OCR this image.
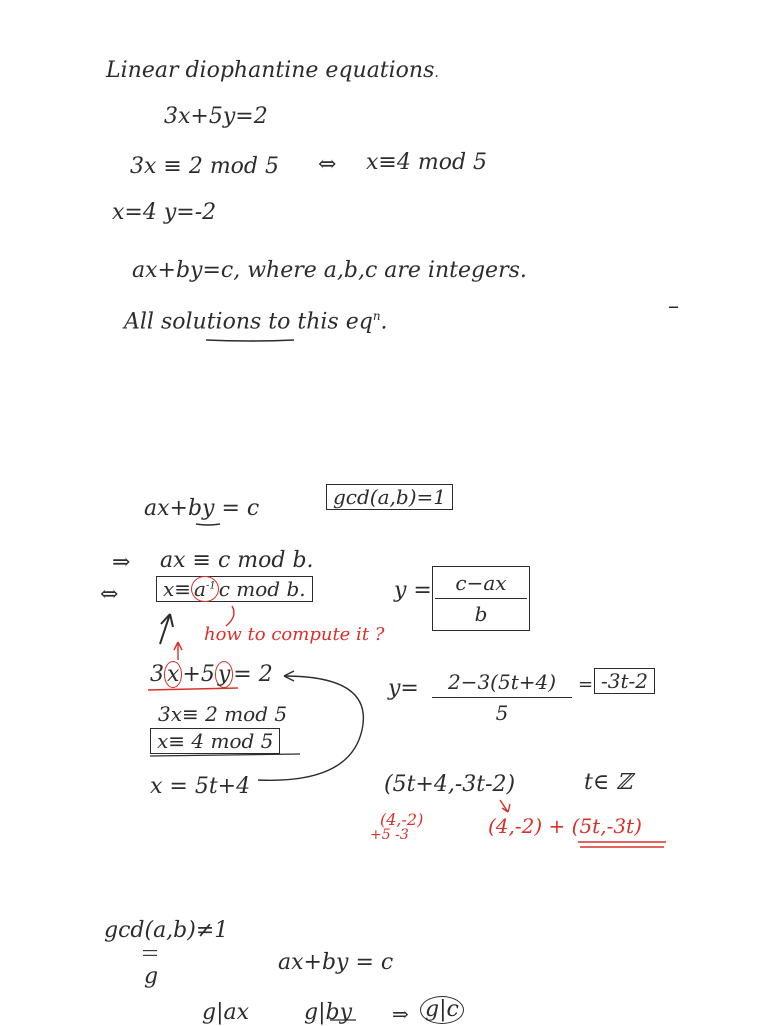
Linear diophantine equations.
3x+5y=2
3x ≡ 2 mod 5 ⇔ x≡4 mod 5
x=4 y=-2
ax+by=c, where a,b,c are integers.
All solutions to this $eq^n$.
–
ax+by = c	gcd(a,b)=1
⇒ ax ≡ c mod b.
⇔	$x\equiv a^{-1}$ c mod b.	y =	c−ax
b
how to compute it ?
3 x +5 y = 2
3x≡ 2 mod 5
x≡ 4 mod 5
x = 5t+4
y=	2−3(5t+4)
5
= -3t-2
(5t+4,-3t-2)	t∈ ℤ
(4,-2)
+5 -3	(4,-2) + (5t,-3t)
gcd(a,b)≠1
||
g
ax+by = c
g|ax g|by ⇒ g|c
